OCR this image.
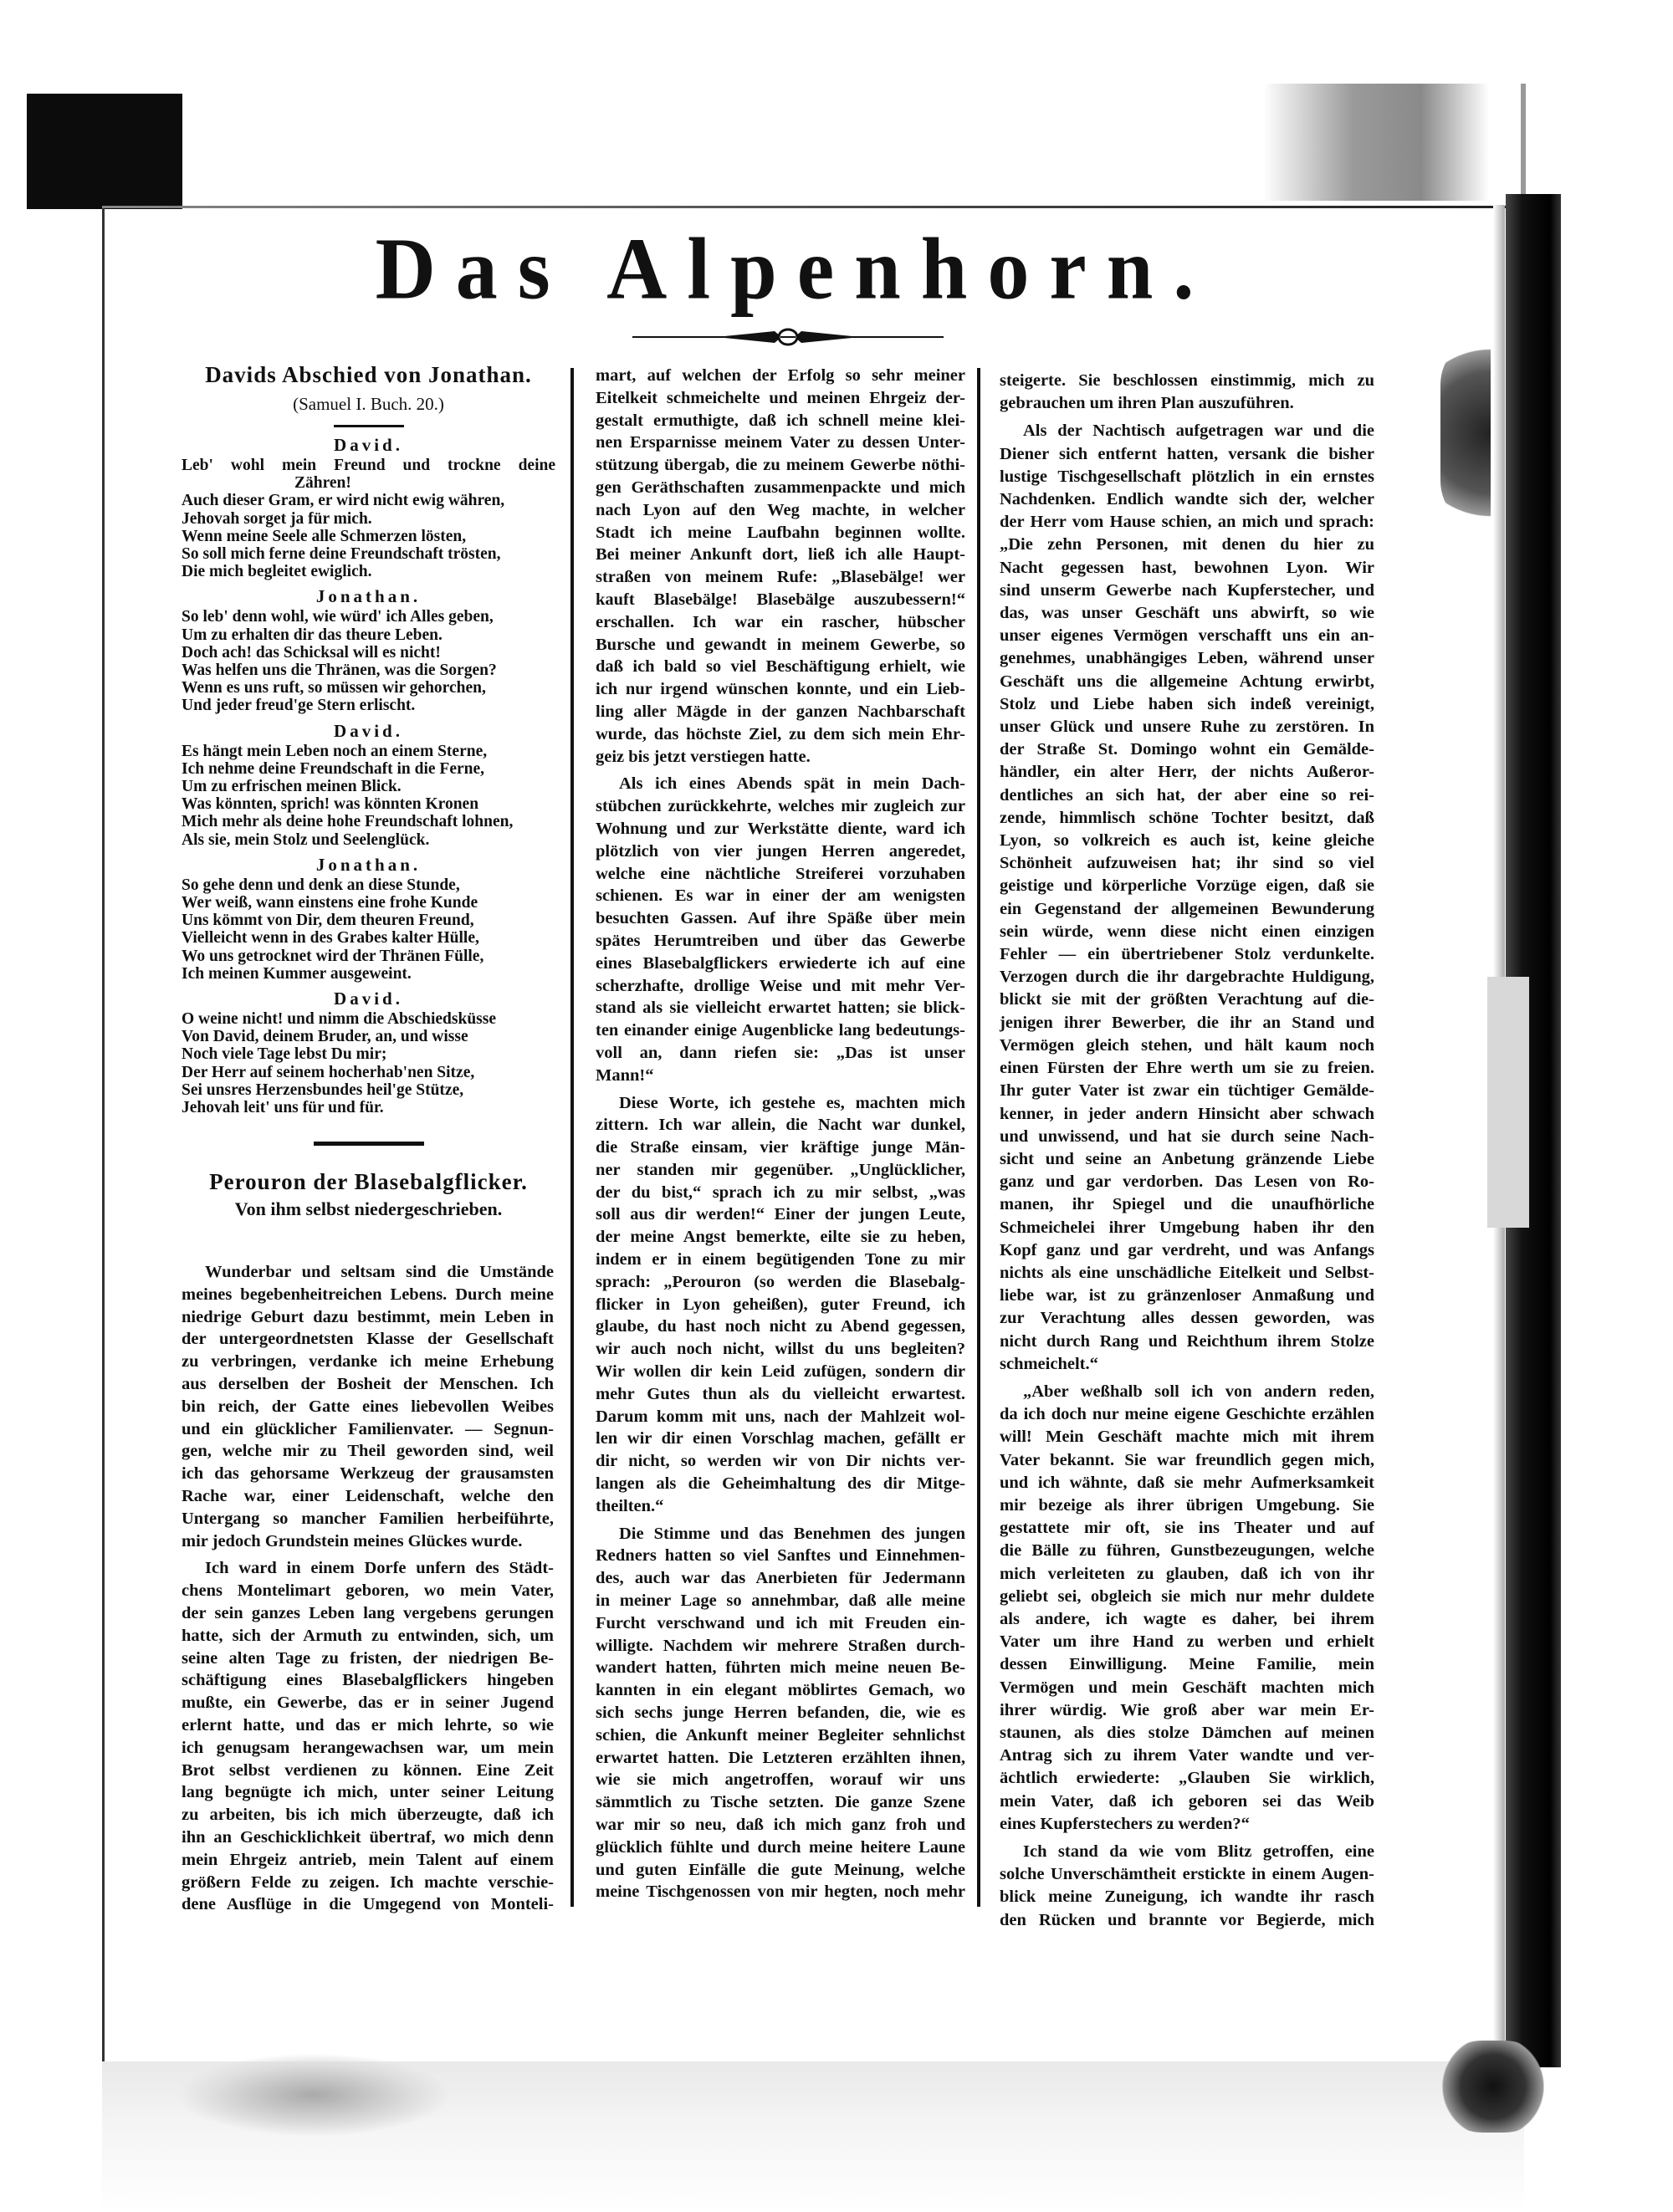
Das Alpenhorn.
Davids Abschied von Jonathan.
(Samuel I. Buch. 20.)
David.
Leb' wohl mein Freund und trockne deine
Zähren!
Auch dieser Gram, er wird nicht ewig währen,
Jehovah sorget ja für mich.
Wenn meine Seele alle Schmerzen lösten,
So soll mich ferne deine Freundschaft trösten,
Die mich begleitet ewiglich.
Jonathan.
So leb' denn wohl, wie würd' ich Alles geben,
Um zu erhalten dir das theure Leben.
Doch ach! das Schicksal will es nicht!
Was helfen uns die Thränen, was die Sorgen?
Wenn es uns ruft, so müssen wir gehorchen,
Und jeder freud'ge Stern erlischt.
David.
Es hängt mein Leben noch an einem Sterne,
Ich nehme deine Freundschaft in die Ferne,
Um zu erfrischen meinen Blick.
Was könnten, sprich! was könnten Kronen
Mich mehr als deine hohe Freundschaft lohnen,
Als sie, mein Stolz und Seelenglück.
Jonathan.
So gehe denn und denk an diese Stunde,
Wer weiß, wann einstens eine frohe Kunde
Uns kömmt von Dir, dem theuren Freund,
Vielleicht wenn in des Grabes kalter Hülle,
Wo uns getrocknet wird der Thränen Fülle,
Ich meinen Kummer ausgeweint.
David.
O weine nicht! und nimm die Abschiedsküsse
Von David, deinem Bruder, an, und wisse
Noch viele Tage lebst Du mir;
Der Herr auf seinem hocherhab'nen Sitze,
Sei unsres Herzensbundes heil'ge Stütze,
Jehovah leit' uns für und für.
Perouron der Blasebalgflicker.
Von ihm selbst niedergeschrieben.
Wunderbar und seltsam sind die Umstände
meines begebenheitreichen Lebens. Durch meine
niedrige Geburt dazu bestimmt, mein Leben in
der untergeordnetsten Klasse der Gesellschaft
zu verbringen, verdanke ich meine Erhebung
aus derselben der Bosheit der Menschen. Ich
bin reich, der Gatte eines liebevollen Weibes
und ein glücklicher Familienvater. — Segnun-
gen, welche mir zu Theil geworden sind, weil
ich das gehorsame Werkzeug der grausamsten
Rache war, einer Leidenschaft, welche den
Untergang so mancher Familien herbeiführte,
mir jedoch Grundstein meines Glückes wurde.
Ich ward in einem Dorfe unfern des Städt-
chens Montelimart geboren, wo mein Vater,
der sein ganzes Leben lang vergebens gerungen
hatte, sich der Armuth zu entwinden, sich, um
seine alten Tage zu fristen, der niedrigen Be-
schäftigung eines Blasebalgflickers hingeben
mußte, ein Gewerbe, das er in seiner Jugend
erlernt hatte, und das er mich lehrte, so wie
ich genugsam herangewachsen war, um mein
Brot selbst verdienen zu können. Eine Zeit
lang begnügte ich mich, unter seiner Leitung
zu arbeiten, bis ich mich überzeugte, daß ich
ihn an Geschicklichkeit übertraf, wo mich denn
mein Ehrgeiz antrieb, mein Talent auf einem
größern Felde zu zeigen. Ich machte verschie-
dene Ausflüge in die Umgegend von Monteli-
mart, auf welchen der Erfolg so sehr meiner
Eitelkeit schmeichelte und meinen Ehrgeiz der-
gestalt ermuthigte, daß ich schnell meine klei-
nen Ersparnisse meinem Vater zu dessen Unter-
stützung übergab, die zu meinem Gewerbe nöthi-
gen Geräthschaften zusammenpackte und mich
nach Lyon auf den Weg machte, in welcher
Stadt ich meine Laufbahn beginnen wollte.
Bei meiner Ankunft dort, ließ ich alle Haupt-
straßen von meinem Rufe: „Blasebälge! wer
kauft Blasebälge! Blasebälge auszubessern!“
erschallen. Ich war ein rascher, hübscher
Bursche und gewandt in meinem Gewerbe, so
daß ich bald so viel Beschäftigung erhielt, wie
ich nur irgend wünschen konnte, und ein Lieb-
ling aller Mägde in der ganzen Nachbarschaft
wurde, das höchste Ziel, zu dem sich mein Ehr-
geiz bis jetzt verstiegen hatte.
Als ich eines Abends spät in mein Dach-
stübchen zurückkehrte, welches mir zugleich zur
Wohnung und zur Werkstätte diente, ward ich
plötzlich von vier jungen Herren angeredet,
welche eine nächtliche Streiferei vorzuhaben
schienen. Es war in einer der am wenigsten
besuchten Gassen. Auf ihre Späße über mein
spätes Herumtreiben und über das Gewerbe
eines Blasebalgflickers erwiederte ich auf eine
scherzhafte, drollige Weise und mit mehr Ver-
stand als sie vielleicht erwartet hatten; sie blick-
ten einander einige Augenblicke lang bedeutungs-
voll an, dann riefen sie: „Das ist unser
Mann!“
Diese Worte, ich gestehe es, machten mich
zittern. Ich war allein, die Nacht war dunkel,
die Straße einsam, vier kräftige junge Män-
ner standen mir gegenüber. „Unglücklicher,
der du bist,“ sprach ich zu mir selbst, „was
soll aus dir werden!“ Einer der jungen Leute,
der meine Angst bemerkte, eilte sie zu heben,
indem er in einem begütigenden Tone zu mir
sprach: „Perouron (so werden die Blasebalg-
flicker in Lyon geheißen), guter Freund, ich
glaube, du hast noch nicht zu Abend gegessen,
wir auch noch nicht, willst du uns begleiten?
Wir wollen dir kein Leid zufügen, sondern dir
mehr Gutes thun als du vielleicht erwartest.
Darum komm mit uns, nach der Mahlzeit wol-
len wir dir einen Vorschlag machen, gefällt er
dir nicht, so werden wir von Dir nichts ver-
langen als die Geheimhaltung des dir Mitge-
theilten.“
Die Stimme und das Benehmen des jungen
Redners hatten so viel Sanftes und Einnehmen-
des, auch war das Anerbieten für Jedermann
in meiner Lage so annehmbar, daß alle meine
Furcht verschwand und ich mit Freuden ein-
willigte. Nachdem wir mehrere Straßen durch-
wandert hatten, führten mich meine neuen Be-
kannten in ein elegant möblirtes Gemach, wo
sich sechs junge Herren befanden, die, wie es
schien, die Ankunft meiner Begleiter sehnlichst
erwartet hatten. Die Letzteren erzählten ihnen,
wie sie mich angetroffen, worauf wir uns
sämmtlich zu Tische setzten. Die ganze Szene
war mir so neu, daß ich mich ganz froh und
glücklich fühlte und durch meine heitere Laune
und guten Einfälle die gute Meinung, welche
meine Tischgenossen von mir hegten, noch mehr
steigerte. Sie beschlossen einstimmig, mich zu
gebrauchen um ihren Plan auszuführen.
Als der Nachtisch aufgetragen war und die
Diener sich entfernt hatten, versank die bisher
lustige Tischgesellschaft plötzlich in ein ernstes
Nachdenken. Endlich wandte sich der, welcher
der Herr vom Hause schien, an mich und sprach:
„Die zehn Personen, mit denen du hier zu
Nacht gegessen hast, bewohnen Lyon. Wir
sind unserm Gewerbe nach Kupferstecher, und
das, was unser Geschäft uns abwirft, so wie
unser eigenes Vermögen verschafft uns ein an-
genehmes, unabhängiges Leben, während unser
Geschäft uns die allgemeine Achtung erwirbt,
Stolz und Liebe haben sich indeß vereinigt,
unser Glück und unsere Ruhe zu zerstören. In
der Straße St. Domingo wohnt ein Gemälde-
händler, ein alter Herr, der nichts Außeror-
dentliches an sich hat, der aber eine so rei-
zende, himmlisch schöne Tochter besitzt, daß
Lyon, so volkreich es auch ist, keine gleiche
Schönheit aufzuweisen hat; ihr sind so viel
geistige und körperliche Vorzüge eigen, daß sie
ein Gegenstand der allgemeinen Bewunderung
sein würde, wenn diese nicht einen einzigen
Fehler — ein übertriebener Stolz verdunkelte.
Verzogen durch die ihr dargebrachte Huldigung,
blickt sie mit der größten Verachtung auf die-
jenigen ihrer Bewerber, die ihr an Stand und
Vermögen gleich stehen, und hält kaum noch
einen Fürsten der Ehre werth um sie zu freien.
Ihr guter Vater ist zwar ein tüchtiger Gemälde-
kenner, in jeder andern Hinsicht aber schwach
und unwissend, und hat sie durch seine Nach-
sicht und seine an Anbetung gränzende Liebe
ganz und gar verdorben. Das Lesen von Ro-
manen, ihr Spiegel und die unaufhörliche
Schmeichelei ihrer Umgebung haben ihr den
Kopf ganz und gar verdreht, und was Anfangs
nichts als eine unschädliche Eitelkeit und Selbst-
liebe war, ist zu gränzenloser Anmaßung und
zur Verachtung alles dessen geworden, was
nicht durch Rang und Reichthum ihrem Stolze
schmeichelt.“
„Aber weßhalb soll ich von andern reden,
da ich doch nur meine eigene Geschichte erzählen
will! Mein Geschäft machte mich mit ihrem
Vater bekannt. Sie war freundlich gegen mich,
und ich wähnte, daß sie mehr Aufmerksamkeit
mir bezeige als ihrer übrigen Umgebung. Sie
gestattete mir oft, sie ins Theater und auf
die Bälle zu führen, Gunstbezeugungen, welche
mich verleiteten zu glauben, daß ich von ihr
geliebt sei, obgleich sie mich nur mehr duldete
als andere, ich wagte es daher, bei ihrem
Vater um ihre Hand zu werben und erhielt
dessen Einwilligung. Meine Familie, mein
Vermögen und mein Geschäft machten mich
ihrer würdig. Wie groß aber war mein Er-
staunen, als dies stolze Dämchen auf meinen
Antrag sich zu ihrem Vater wandte und ver-
ächtlich erwiederte: „Glauben Sie wirklich,
mein Vater, daß ich geboren sei das Weib
eines Kupferstechers zu werden?“
Ich stand da wie vom Blitz getroffen, eine
solche Unverschämtheit erstickte in einem Augen-
blick meine Zuneigung, ich wandte ihr rasch
den Rücken und brannte vor Begierde, mich
